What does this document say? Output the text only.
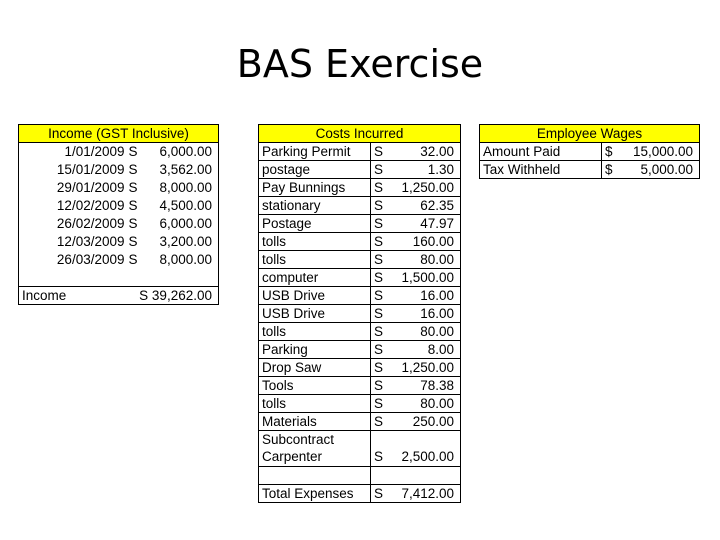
BAS Exercise
Income (GST Inclusive)		
1/01/2009	S	6,000.00
15/01/2009	S	3,562.00
29/01/2009	S	8,000.00
12/02/2009	S	4,500.00
26/02/2009	S	6,000.00
12/03/2009	S	3,200.00
26/03/2009	S	8,000.00

Income	S 39,262.00	
Costs Incurred	
Parking Permit	S 32.00
postage	S 1.30
Pay Bunnings	S 1,250.00
stationary	S 62.35
Postage	S 47.97
tolls	S 160.00
tolls	S 80.00
computer	S 1,500.00
USB Drive	S 16.00
USB Drive	S 16.00
tolls	S 80.00
Parking	S 8.00
Drop Saw	S 1,250.00
Tools	S 78.38
tolls	S 80.00
Materials	S 250.00
Subcontract	
Carpenter	S 2,500.00

Total Expenses	S 7,412.00
Employee Wages		
Amount Paid	$	15,000.00
Tax Withheld	$	5,000.00
